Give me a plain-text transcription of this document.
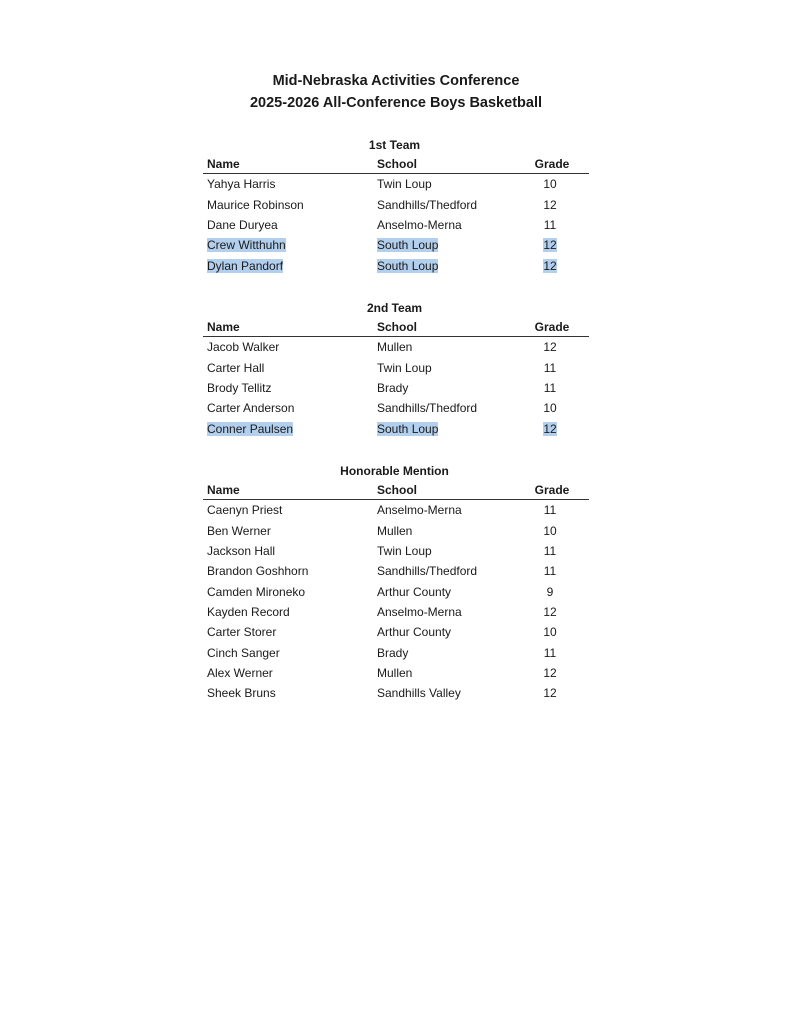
Mid-Nebraska Activities Conference
2025-2026 All-Conference Boys Basketball
1st Team
Name	School	Grade
Yahya Harris	Twin Loup	10
Maurice Robinson	Sandhills/Thedford	12
Dane Duryea	Anselmo-Merna	11
Crew Witthuhn	South Loup	12
Dylan Pandorf	South Loup	12
2nd Team
Name	School	Grade
Jacob Walker	Mullen	12
Carter Hall	Twin Loup	11
Brody Tellitz	Brady	11
Carter Anderson	Sandhills/Thedford	10
Conner Paulsen	South Loup	12
Honorable Mention
Name	School	Grade
Caenyn Priest	Anselmo-Merna	11
Ben Werner	Mullen	10
Jackson Hall	Twin Loup	11
Brandon Goshhorn	Sandhills/Thedford	11
Camden Mironeko	Arthur County	9
Kayden Record	Anselmo-Merna	12
Carter Storer	Arthur County	10
Cinch Sanger	Brady	11
Alex Werner	Mullen	12
Sheek Bruns	Sandhills Valley	12
